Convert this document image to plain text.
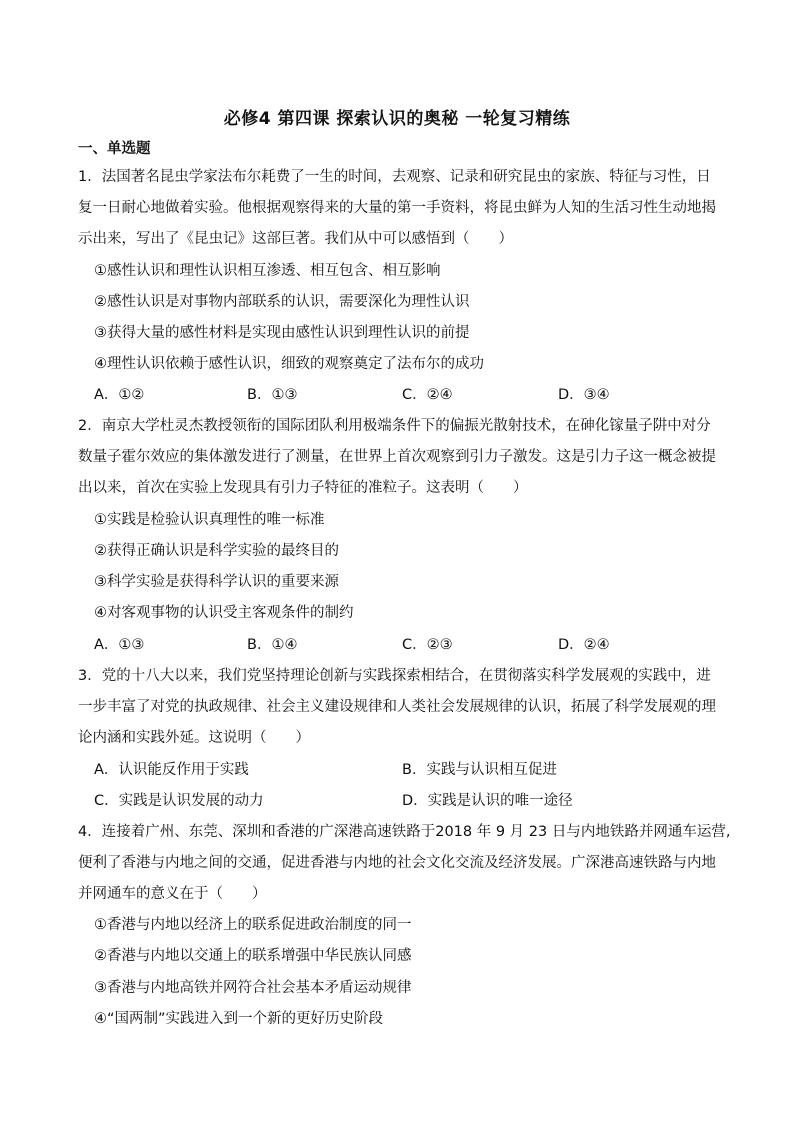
必修4 第四课 探索认识的奥秘 一轮复习精练
一、单选题
1．法国著名昆虫学家法布尔耗费了一生的时间，去观察、记录和研究昆虫的家族、特征与习性，日
复一日耐心地做着实验。他根据观察得来的大量的第一手资料，将昆虫鲜为人知的生活习性生动地揭
示出来，写出了《昆虫记》这部巨著。我们从中可以感悟到（　　）
①感性认识和理性认识相互渗透、相互包含、相互影响
②感性认识是对事物内部联系的认识，需要深化为理性认识
③获得大量的感性材料是实现由感性认识到理性认识的前提
④理性认识依赖于感性认识，细致的观察奠定了法布尔的成功
A．①②	B．①③	C．②④	D．③④
2．南京大学杜灵杰教授领衔的国际团队利用极端条件下的偏振光散射技术，在砷化镓量子阱中对分
数量子霍尔效应的集体激发进行了测量，在世界上首次观察到引力子激发。这是引力子这一概念被提
出以来，首次在实验上发现具有引力子特征的准粒子。这表明（　　）
①实践是检验认识真理性的唯一标准
②获得正确认识是科学实验的最终目的
③科学实验是获得科学认识的重要来源
④对客观事物的认识受主客观条件的制约
A．①③	B．①④	C．②③	D．②④
3．党的十八大以来，我们党坚持理论创新与实践探索相结合，在贯彻落实科学发展观的实践中，进
一步丰富了对党的执政规律、社会主义建设规律和人类社会发展规律的认识，拓展了科学发展观的理
论内涵和实践外延。这说明（　　）
A．认识能反作用于实践	B．实践与认识相互促进
C．实践是认识发展的动力	D．实践是认识的唯一途径
4．连接着广州、东莞、深圳和香港的广深港高速铁路于2018 年 9 月 23 日与内地铁路并网通车运营,
便利了香港与内地之间的交通，促进香港与内地的社会文化交流及经济发展。广深港高速铁路与内地
并网通车的意义在于（　　）
①香港与内地以经济上的联系促进政治制度的同一
②香港与内地以交通上的联系增强中华民族认同感
③香港与内地高铁并网符合社会基本矛盾运动规律
④“国两制”实践进入到一个新的更好历史阶段
